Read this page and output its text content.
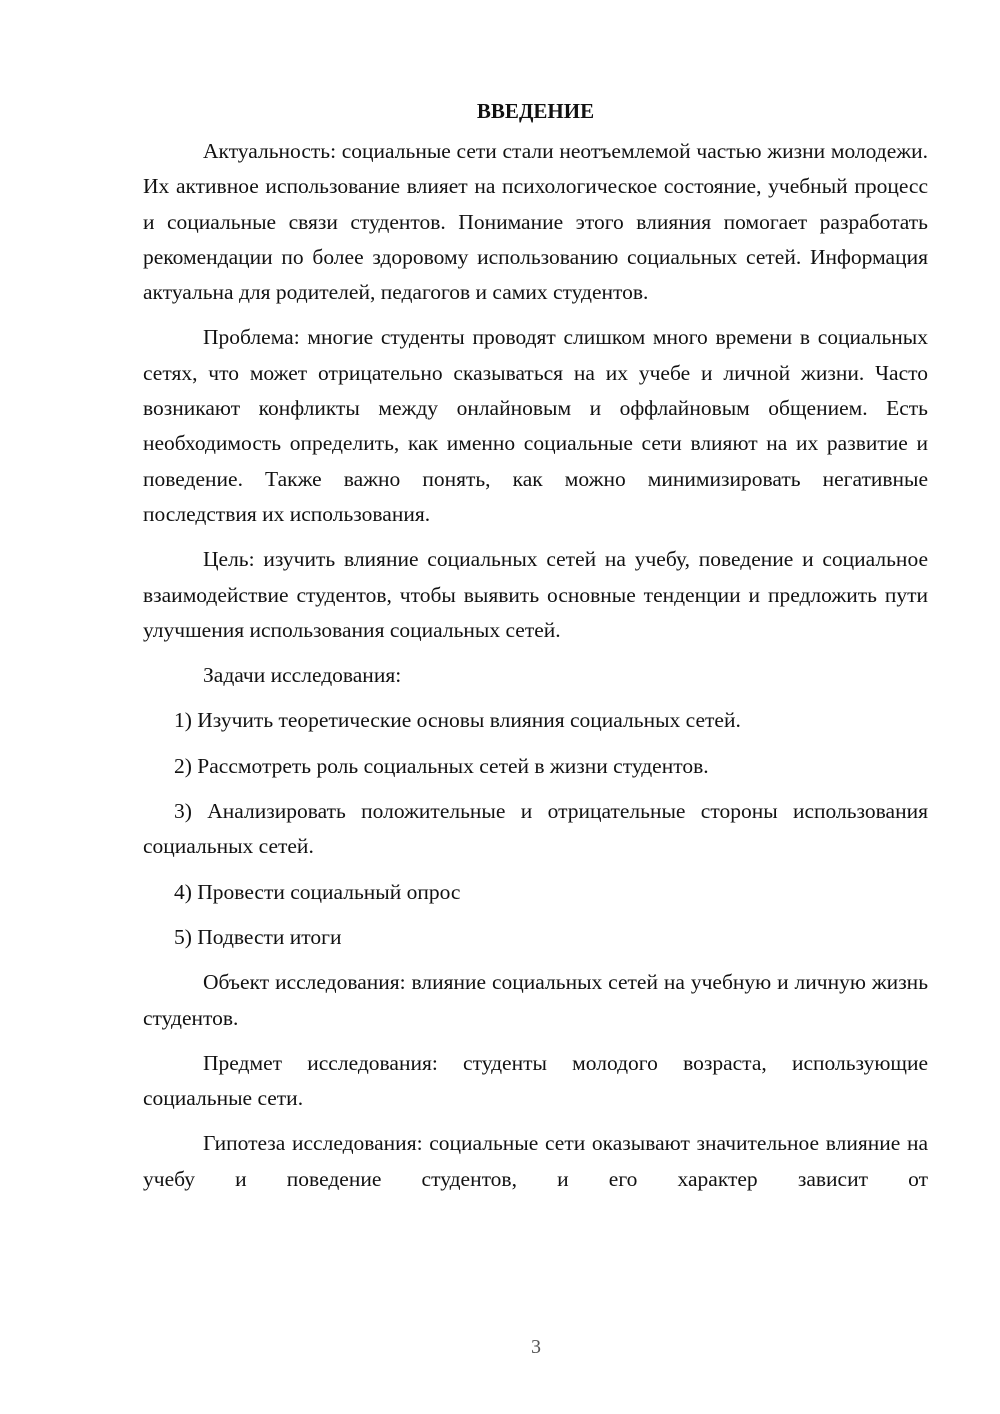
ВВЕДЕНИЕ

Актуальность: социальные сети стали неотъемлемой частью жизни молодежи. Их активное использование влияет на психологическое состояние, учебный процесс и социальные связи студентов. Понимание этого влияния помогает разработать рекомендации по более здоровому использованию социальных сетей. Информация актуальна для родителей, педагогов и самих студентов.

Проблема: многие студенты проводят слишком много времени в социальных сетях, что может отрицательно сказываться на их учебе и личной жизни. Часто возникают конфликты между онлайновым и оффлайновым общением. Есть необходимость определить, как именно социальные сети влияют на их развитие и поведение. Также важно понять, как можно минимизировать негативные последствия их использования.

Цель: изучить влияние социальных сетей на учебу, поведение и социальное взаимодействие студентов, чтобы выявить основные тенденции и предложить пути улучшения использования социальных сетей.

Задачи исследования:

1) Изучить теоретические основы влияния социальных сетей.

2) Рассмотреть роль социальных сетей в жизни студентов.

3) Анализировать положительные и отрицательные стороны использования социальных сетей.

4) Провести социальный опрос

5) Подвести итоги

Объект исследования: влияние социальных сетей на учебную и личную жизнь студентов.

Предмет исследования: студенты молодого возраста, использующие социальные сети.

Гипотеза исследования: социальные сети оказывают значительное влияние на учебу и поведение студентов, и его характер зависит от

3
